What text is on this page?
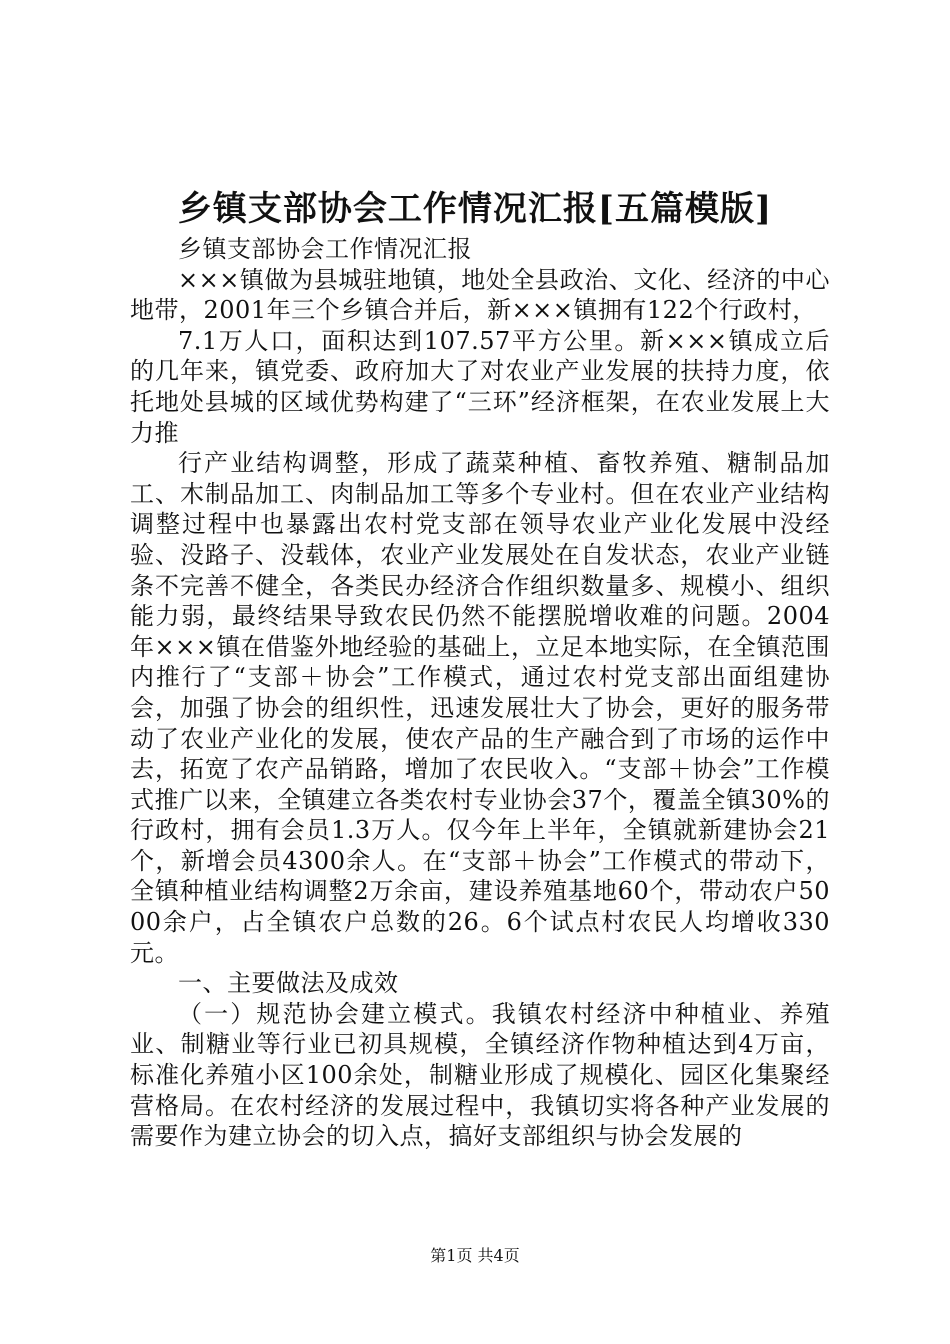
乡镇支部协会工作情况汇报[五篇模版]

乡镇支部协会工作情况汇报

×××镇做为县城驻地镇，地处全县政治、文化、经济的中心地带，2001年三个乡镇合并后，新×××镇拥有122个行政村，

7.1万人口，面积达到107.57平方公里。新×××镇成立后的几年来，镇党委、政府加大了对农业产业发展的扶持力度，依托地处县城的区域优势构建了“三环”经济框架，在农业发展上大力推

行产业结构调整，形成了蔬菜种植、畜牧养殖、糖制品加工、木制品加工、肉制品加工等多个专业村。但在农业产业结构调整过程中也暴露出农村党支部在领导农业产业化发展中没经验、没路子、没载体，农业产业发展处在自发状态，农业产业链条不完善不健全，各类民办经济合作组织数量多、规模小、组织能力弱，最终结果导致农民仍然不能摆脱增收难的问题。2004年×××镇在借鉴外地经验的基础上，立足本地实际，在全镇范围内推行了“支部＋协会”工作模式，通过农村党支部出面组建协会，加强了协会的组织性，迅速发展壮大了协会，更好的服务带动了农业产业化的发展，使农产品的生产融合到了市场的运作中去，拓宽了农产品销路，增加了农民收入。“支部＋协会”工作模式推广以来，全镇建立各类农村专业协会37个，覆盖全镇30%的行政村，拥有会员1.3万人。仅今年上半年，全镇就新建协会21个，新增会员4300余人。在“支部＋协会”工作模式的带动下，全镇种植业结构调整2万余亩，建设养殖基地60个，带动农户5000余户，占全镇农户总数的26。6个试点村农民人均增收330元。

一、主要做法及成效

（一）规范协会建立模式。我镇农村经济中种植业、养殖业、制糖业等行业已初具规模，全镇经济作物种植达到4万亩，标准化养殖小区100余处，制糖业形成了规模化、园区化集聚经营格局。在农村经济的发展过程中，我镇切实将各种产业发展的需要作为建立协会的切入点，搞好支部组织与协会发展的

第1页 共4页
